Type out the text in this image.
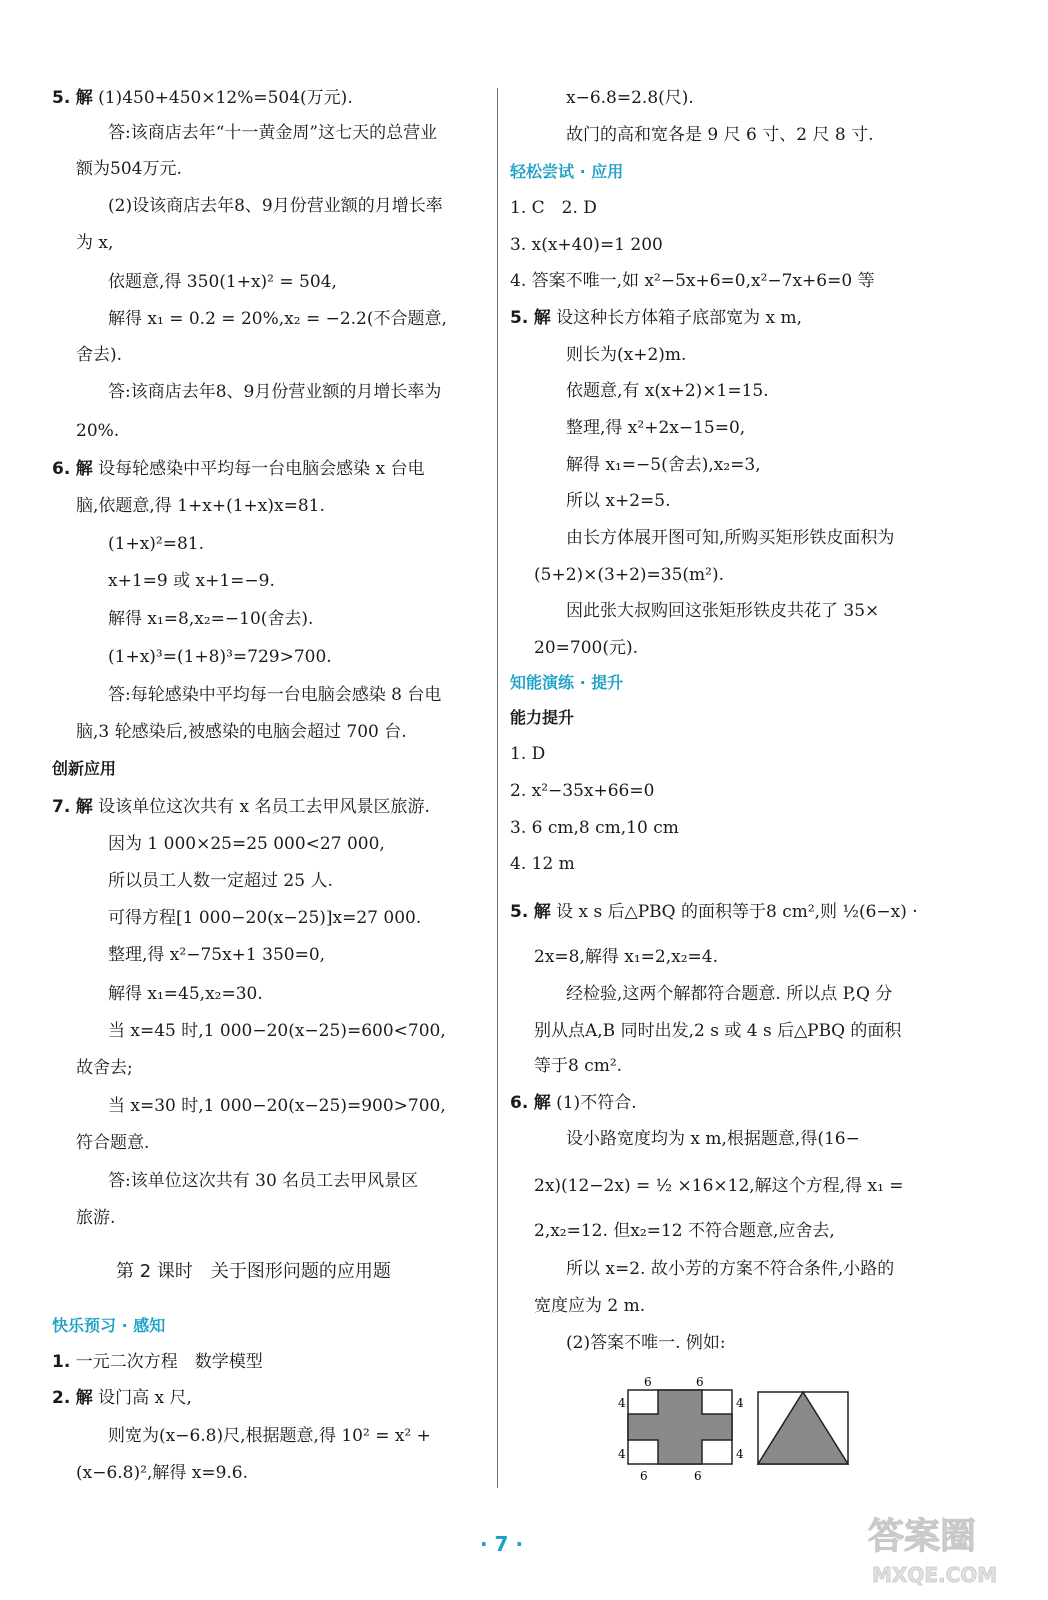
5. 解 (1)450+450×12%=504(万元).
答:该商店去年“十一黄金周”这七天的总营业
额为504万元.
(2)设该商店去年8、9月份营业额的月增长率
为 x,
依题意,得 350(1+x)² = 504,
解得 x₁ = 0.2 = 20%,x₂ = −2.2(不合题意,
舍去).
答:该商店去年8、9月份营业额的月增长率为
20%.
6. 解 设每轮感染中平均每一台电脑会感染 x 台电
脑,依题意,得 1+x+(1+x)x=81.
(1+x)²=81.
x+1=9 或 x+1=−9.
解得 x₁=8,x₂=−10(舍去).
(1+x)³=(1+8)³=729>700.
答:每轮感染中平均每一台电脑会感染 8 台电
脑,3 轮感染后,被感染的电脑会超过 700 台.
创新应用
7. 解 设该单位这次共有 x 名员工去甲风景区旅游.
因为 1 000×25=25 000<27 000,
所以员工人数一定超过 25 人.
可得方程[1 000−20(x−25)]x=27 000.
整理,得 x²−75x+1 350=0,
解得 x₁=45,x₂=30.
当 x=45 时,1 000−20(x−25)=600<700,
故舍去;
当 x=30 时,1 000−20(x−25)=900>700,
符合题意.
答:该单位这次共有 30 名员工去甲风景区
旅游.
第 2 课时　关于图形问题的应用题
快乐预习 · 感知
1. 一元二次方程　数学模型
2. 解 设门高 x 尺,
则宽为(x−6.8)尺,根据题意,得 10² = x² +
(x−6.8)²,解得 x=9.6.
x−6.8=2.8(尺).
故门的高和宽各是 9 尺 6 寸、2 尺 8 寸.
轻松尝试 · 应用
1. C　2. D
3. x(x+40)=1 200
4. 答案不唯一,如 x²−5x+6=0,x²−7x+6=0 等
5. 解 设这种长方体箱子底部宽为 x m,
则长为(x+2)m.
依题意,有 x(x+2)×1=15.
整理,得 x²+2x−15=0,
解得 x₁=−5(舍去),x₂=3,
所以 x+2=5.
由长方体展开图可知,所购买矩形铁皮面积为
(5+2)×(3+2)=35(m²).
因此张大叔购回这张矩形铁皮共花了 35×
20=700(元).
知能演练 · 提升
能力提升
1. D
2. x²−35x+66=0
3. 6 cm,8 cm,10 cm
4. 12 m
5. 解 设 x s 后△PBQ 的面积等于8 cm²,则 ½(6−x) ·
2x=8,解得 x₁=2,x₂=4.
经检验,这两个解都符合题意. 所以点 P,Q 分
别从点A,B 同时出发,2 s 或 4 s 后△PBQ 的面积
等于8 cm².
6. 解 (1)不符合.
设小路宽度均为 x m,根据题意,得(16−
2x)(12−2x) = ½ ×16×12,解这个方程,得 x₁ =
2,x₂=12. 但x₂=12 不符合题意,应舍去,
所以 x=2. 故小芳的方案不符合条件,小路的
宽度应为 2 m.
(2)答案不唯一. 例如:
6	6
4	4
4	4
6	6
· 7 ·	答案圈
MXQE.COM
